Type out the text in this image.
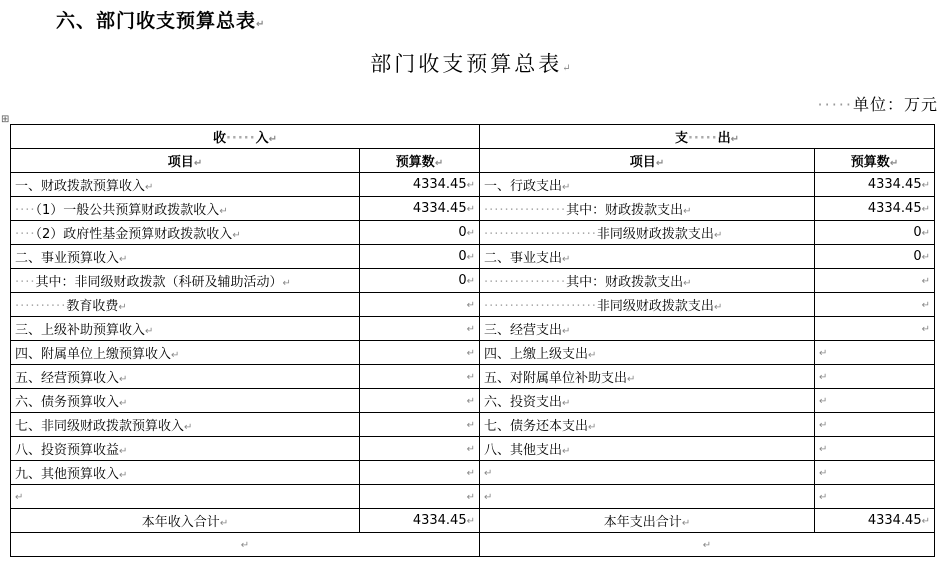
六、部门收支预算总表↵
部门收支预算总表↵
·····单位：万元
⊞
收·····入↵		支·····出↵	
项目↵	预算数↵	项目↵	预算数↵
一、财政拨款预算收入↵	4334.45↵	一、行政支出↵	4334.45↵
····（1）一般公共预算财政拨款收入↵	4334.45↵	················其中：财政拨款支出↵	4334.45↵
····（2）政府性基金预算财政拨款收入↵	0↵	······················非同级财政拨款支出↵	0↵
二、事业预算收入↵	0↵	二、事业支出↵	0↵
····其中：非同级财政拨款（科研及辅助活动）↵	0↵	················其中：财政拨款支出↵	↵
··········教育收费↵	↵	······················非同级财政拨款支出↵	↵
三、上级补助预算收入↵	↵	三、经营支出↵	↵
四、附属单位上缴预算收入↵	↵	四、上缴上级支出↵	↵
五、经营预算收入↵	↵	五、对附属单位补助支出↵	↵
六、债务预算收入↵	↵	六、投资支出↵	↵
七、非同级财政拨款预算收入↵	↵	七、债务还本支出↵	↵
八、投资预算收益↵	↵	八、其他支出↵	↵
九、其他预算收入↵	↵	↵	↵
↵	↵	↵	↵
本年收入合计↵	4334.45↵	本年支出合计↵	4334.45↵
↵		↵	
